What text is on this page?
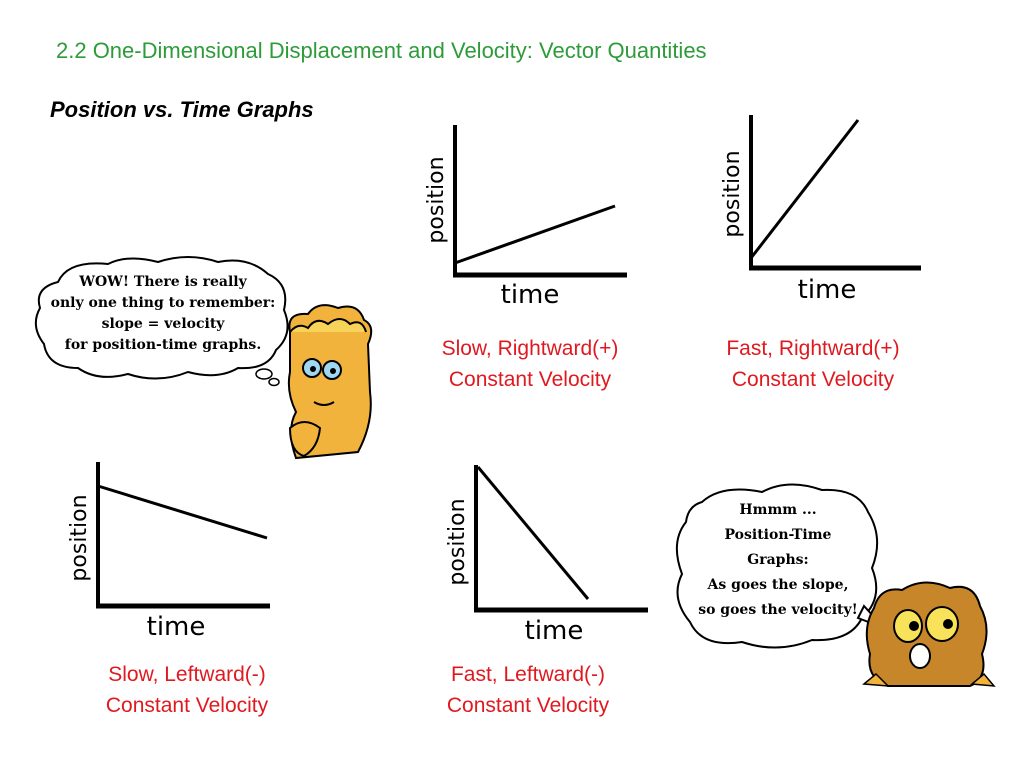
2.2 One-Dimensional Displacement and Velocity: Vector Quantities
Position vs. Time Graphs
time
position
Slow, Rightward(+)
Constant Velocity
time
position
Fast, Rightward(+)
Constant Velocity
time
position
Slow, Leftward(-)
Constant Velocity
time
position
Fast, Leftward(-)
Constant Velocity
WOW! There is really
only one thing to remember:
slope = velocity
for position-time graphs.
Hmmm ...
Position-Time
Graphs:
As goes the slope,
so goes the velocity!
